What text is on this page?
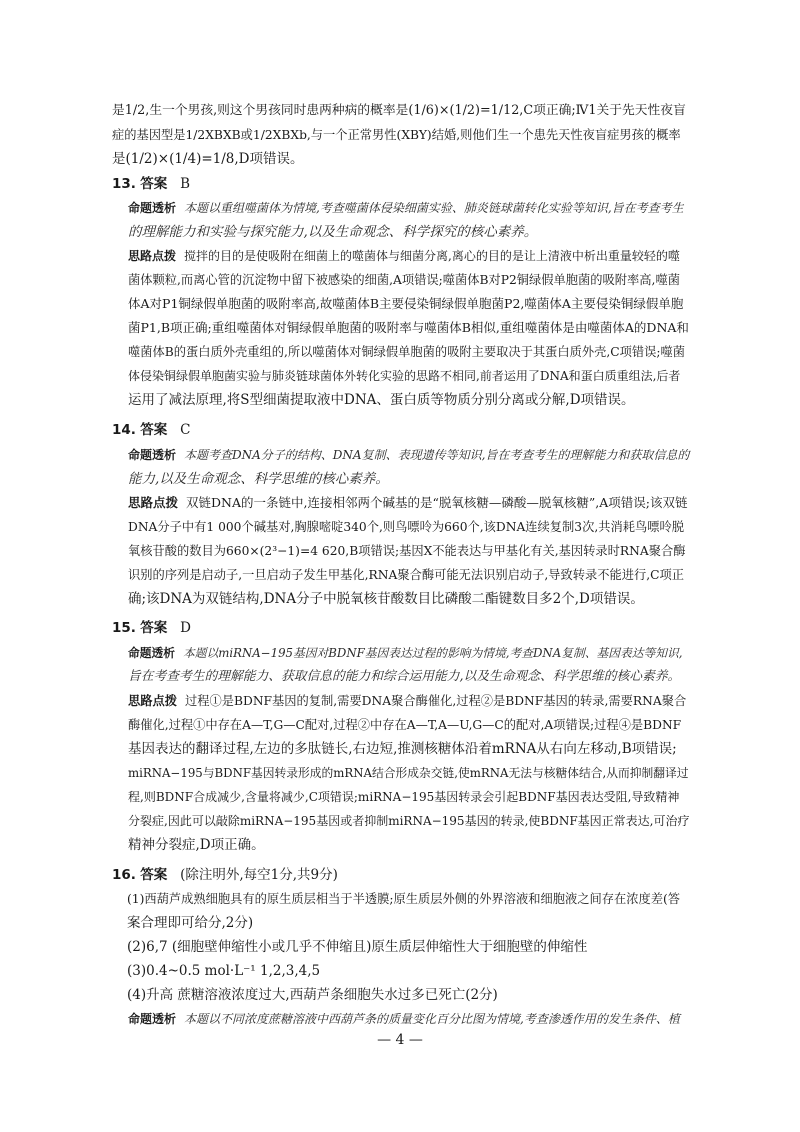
是1/2,生一个男孩,则这个男孩同时患两种病的概率是(1/6)×(1/2)=1/12,C项正确;Ⅳ1关于先天性夜盲
症的基因型是1/2XBXB或1/2XBXb,与一个正常男性(XBY)结婚,则他们生一个患先天性夜盲症男孩的概率
是(1/2)×(1/4)=1/8,D项错误。
13. 答案 B
命题透析 本题以重组噬菌体为情境,考查噬菌体侵染细菌实验、肺炎链球菌转化实验等知识,旨在考查考生
的理解能力和实验与探究能力,以及生命观念、科学探究的核心素养。
思路点拨 搅拌的目的是使吸附在细菌上的噬菌体与细菌分离,离心的目的是让上清液中析出重量较轻的噬
菌体颗粒,而离心管的沉淀物中留下被感染的细菌,A项错误;噬菌体B对P2铜绿假单胞菌的吸附率高,噬菌
体A对P1铜绿假单胞菌的吸附率高,故噬菌体B主要侵染铜绿假单胞菌P2,噬菌体A主要侵染铜绿假单胞
菌P1,B项正确;重组噬菌体对铜绿假单胞菌的吸附率与噬菌体B相似,重组噬菌体是由噬菌体A的DNA和
噬菌体B的蛋白质外壳重组的,所以噬菌体对铜绿假单胞菌的吸附主要取决于其蛋白质外壳,C项错误;噬菌
体侵染铜绿假单胞菌实验与肺炎链球菌体外转化实验的思路不相同,前者运用了DNA和蛋白质重组法,后者
运用了减法原理,将S型细菌提取液中DNA、蛋白质等物质分别分离或分解,D项错误。
14. 答案 C
命题透析 本题考查DNA分子的结构、DNA复制、表现遗传等知识,旨在考查考生的理解能力和获取信息的
能力,以及生命观念、科学思维的核心素养。
思路点拨 双链DNA的一条链中,连接相邻两个碱基的是“脱氧核糖—磷酸—脱氧核糖”,A项错误;该双链
DNA分子中有1 000个碱基对,胸腺嘧啶340个,则鸟嘌呤为660个,该DNA连续复制3次,共消耗鸟嘌呤脱
氧核苷酸的数目为660×(2³−1)=4 620,B项错误;基因X不能表达与甲基化有关,基因转录时RNA聚合酶
识别的序列是启动子,一旦启动子发生甲基化,RNA聚合酶可能无法识别启动子,导致转录不能进行,C项正
确;该DNA为双链结构,DNA分子中脱氧核苷酸数目比磷酸二酯键数目多2个,D项错误。
15. 答案 D
命题透析 本题以miRNA−195基因对BDNF基因表达过程的影响为情境,考查DNA复制、基因表达等知识,
旨在考查考生的理解能力、获取信息的能力和综合运用能力,以及生命观念、科学思维的核心素养。
思路点拨 过程①是BDNF基因的复制,需要DNA聚合酶催化,过程②是BDNF基因的转录,需要RNA聚合
酶催化,过程①中存在A—T,G—C配对,过程②中存在A—T,A—U,G—C的配对,A项错误;过程④是BDNF
基因表达的翻译过程,左边的多肽链长,右边短,推测核糖体沿着mRNA从右向左移动,B项错误;
miRNA−195与BDNF基因转录形成的mRNA结合形成杂交链,使mRNA无法与核糖体结合,从而抑制翻译过
程,则BDNF合成减少,含量将减少,C项错误;miRNA−195基因转录会引起BDNF基因表达受阻,导致精神
分裂症,因此可以敲除miRNA−195基因或者抑制miRNA−195基因的转录,使BDNF基因正常表达,可治疗
精神分裂症,D项正确。
16. 答案 (除注明外,每空1分,共9分)
(1)西葫芦成熟细胞具有的原生质层相当于半透膜;原生质层外侧的外界溶液和细胞液之间存在浓度差(答
案合理即可给分,2分)
(2)6,7 (细胞壁伸缩性小或几乎不伸缩且)原生质层伸缩性大于细胞壁的伸缩性
(3)0.4~0.5 mol·L⁻¹ 1,2,3,4,5
(4)升高 蔗糖溶液浓度过大,西葫芦条细胞失水过多已死亡(2分)
命题透析 本题以不同浓度蔗糖溶液中西葫芦条的质量变化百分比图为情境,考查渗透作用的发生条件、植
— 4 —
